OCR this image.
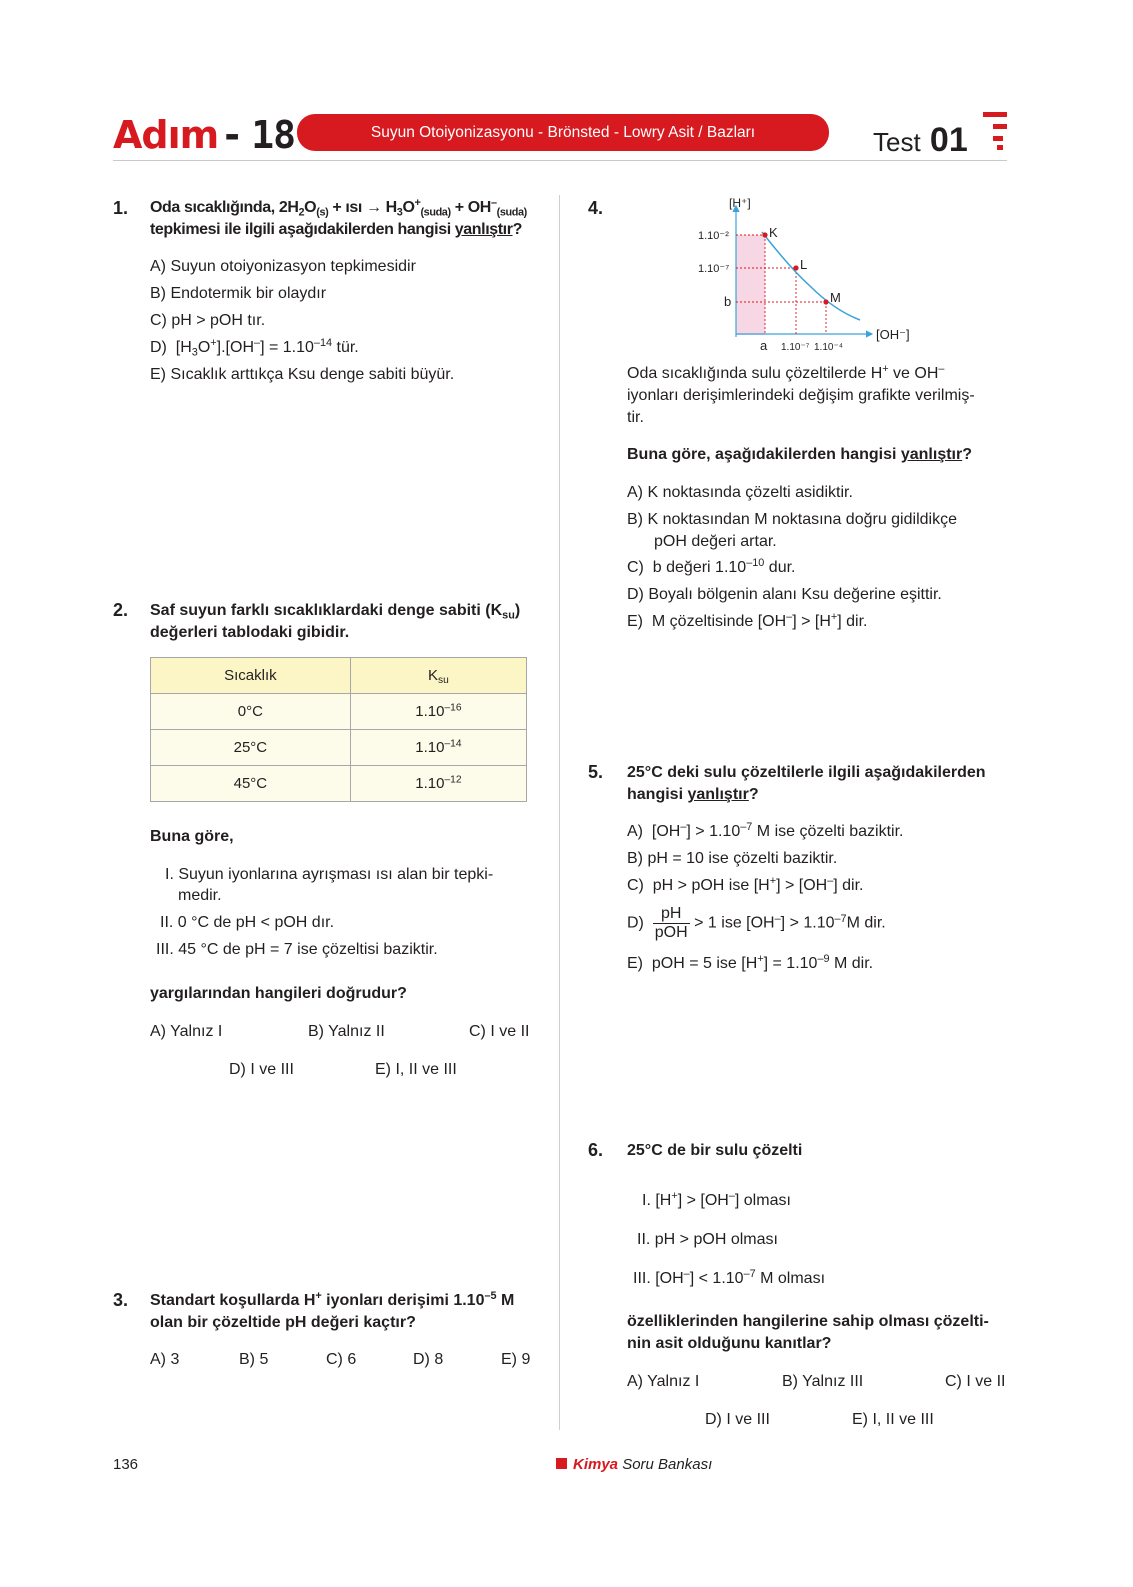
Adım - 18	Suyun Otoiyonizasyonu - Brönsted - Lowry Asit / Bazları	Test 01
1. Oda sıcaklığında, $2H_2O_{(s)}$ + ısı → $H_3O^+_{(suda)} + OH^-_{(suda)}$
tepkimesi ile ilgili aşağıdakilerden hangisi yanlıştır?
A) Suyun otoiyonizasyon tepkimesidir
B) Endotermik bir olaydır
C) pH > pOH tır.
D)  $[H_3O^+].[OH^-] = 1.10^{-14}$ tür.
E) Sıcaklık arttıkça Ksu denge sabiti büyür.
2. Saf suyun farklı sıcaklıklardaki denge sabiti $(K_{su})$
değerleri tablodaki gibidir.
Sıcaklık	$K_{su}$
0°C	$1.10^{-16}$
25°C	$1.10^{-14}$
45°C	$1.10^{-12}$
Buna göre,
I. Suyun iyonlarına ayrışması ısı alan bir tepki-
medir.
II. 0 °C de pH < pOH dır.
III. 45 °C de pH = 7 ise çözeltisi baziktir.
yargılarından hangileri doğrudur?
A) Yalnız I	B) Yalnız II	C) I ve II
D) I ve III	E) I, II ve III
3. Standart koşullarda H+ iyonları derişimi $1.10^{-5}$ M
olan bir çözeltide pH değeri kaçtır?
A) 3	B) 5	C) 6	D) 8	E) 9
4.	[H⁺]
[OH⁻]
1.10⁻²
1.10⁻⁷
b
a 1.10⁻⁷ 1.10⁻⁴
K
L
M
Oda sıcaklığında sulu çözeltilerde H+ ve OH–
iyonları derişimlerindeki değişim grafikte verilmiş-
tir.
Buna göre, aşağıdakilerden hangisi yanlıştır?
A) K noktasında çözelti asidiktir.
B) K noktasından M noktasına doğru gidildikçe
pOH değeri artar.
C)  b değeri $1.10^{-10}$ dur.
D) Boyalı bölgenin alanı Ksu değerine eşittir.
E)  M çözeltisinde [OH–] > [H+] dir.
5. 25°C deki sulu çözeltilerle ilgili aşağıdakilerden
hangisi yanlıştır?
A)  $[OH^-] > 1.10^{-7}$ M ise çözelti baziktir.
B) pH = 10 ise çözelti baziktir.
C)  pH > pOH ise [H+] > [OH–] dir.
$D) \frac{pH}{\text{pOH}} > 1$ ise $[OH^-] > 1.10^{-7}M$ dir.
E)  pOH = 5 ise $[H^+] = 1.10^{-9}$ M dir.
6. 25°C de bir sulu çözelti
I. [H+] > [OH–] olması
II. pH > pOH olması
III. $[OH^-] < 1.10^{-7}$ M olması
özelliklerinden hangilerine sahip olması çözelti-
nin asit olduğunu kanıtlar?
A) Yalnız I	B) Yalnız III	C) I ve II
D) I ve III	E) I, II ve III
136	Kimya Soru Bankası
